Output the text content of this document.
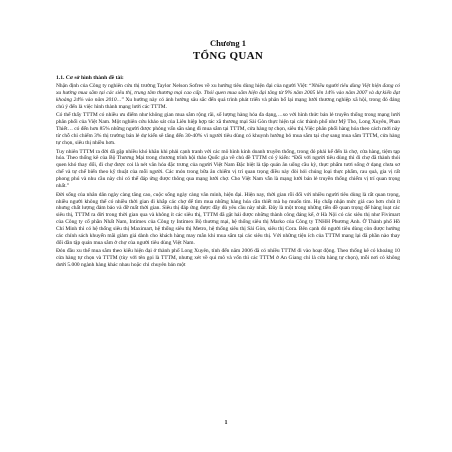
Chương 1
TỔNG QUAN
1.1. Cơ sở hình thành đề tài:

Nhận định của Công ty nghiên cứu thị trường Taylor Nelson Sofres về xu hướng tiêu dùng hiện đại của người Việt: “Nhiều người tiêu dùng Việt hiện đang có xu hướng mua sắm tại các siêu thị, trung tâm thương mại cao cấp. Thói quen mua sắm hiện đại tăng từ 9% năm 2005 lên 14% vào năm 2007 và dự kiến đạt khoảng 24% vào năm 2010…” Xu hướng này có ảnh hưởng sâu sắc đến quá trình phát triển và phân bố lại mạng lưới thương nghiệp xã hội, trong đó đáng chú ý đến là việc hình thành mạng lưới các TTTM.

Có thể thấy TTTM có nhiều ưu điểm như không gian mua sắm rộng rãi, số lượng hàng hóa đa dạng,…so với hình thức bán lẻ truyền thống trong mạng lưới phân phối của Việt Nam. Một nghiên cứu khảo sát của Liên hiệp hợp tác xã thương mại Sài Gòn thực hiện tại các thành phố như Mỹ Tho, Long Xuyên, Phan Thiết… có đến hơn 85% những người được phỏng vấn sẵn sàng đi mua sắm tại TTTM, cửa hàng tự chọn, siêu thị.Việc phân phối hàng hóa theo cách mới này từ chỗ chỉ chiếm 3% thị trường bán lẻ dự kiến sẽ tăng đến 30-40% vì người tiêu dùng có khuynh hướng bỏ mua sắm tại chợ sang mua sắm TTTM, cửa hàng tự chọn, siêu thị nhiều hơn.

Tuy nhiên TTTM ra đời đã gặp nhiều khó khăn khi phải cạnh tranh với các mô hình kinh doanh truyền thống, trong đó phải kể đến là chợ, cửa hàng, tiệm tạp hóa. Theo thống kê của Bộ Thương Mại trong chương trình hội thảo Quốc gia về chủ đề TTTM có ý kiến: “Đối với người tiêu dùng thì đi chợ đã thành thói quen khó thay đổi, đi chợ được coi là nét văn hóa đặc trưng của người Việt Nam Đặc biệt là tập quán ăn uống cầu kỳ, thực phẩm tươi sống ở dạng chưa sơ chế và tự chế biến theo kỹ thuật của mỗi người. Các món trong bữa ăn chiếm vị trí quan trọng điều này đòi hỏi chúng loại thực phẩm, rau quả, gia vị rất phong phú và nhu cầu này chỉ có thể đáp ứng được thông qua mạng lưới chợ. Cho Việt Nam vẫn là mạng lưới bán lẻ truyền thống chiếm vị trí quan trọng nhất.”

Đời sống của nhân dân ngày càng tăng cao, cuộc sống ngày càng văn minh, hiện đại. Hiện nay, thời gian rỗi đối với nhiều người tiêu dùng là rất quan trọng, nhiều người không thể có nhiều thời gian đi khắp các chợ để tìm mua những hàng hóa cần thiết mà họ muốn tìm. Họ chấp nhận mức giá cao hơn chút ít nhưng chất lượng đảm bảo và đỡ mất thời gian. Siêu thị đáp ứng được đầy đủ yêu cầu này nhất. Đây là một trong những tiền đề quan trọng để hàng loạt các siêu thị, TTTM ra đời trong thời gian qua và không ít các siêu thị, TTTM đã gặt hái được những thành công đáng kể, ở Hà Nội có các siêu thị như Fivimart của Công ty cổ phần Nhất Nam, Intimex của Công ty Intimex Bộ thương mại, hệ thống siêu thị Marko của Công ty TNHH Phương Anh. Ở Thành phố Hồ Chí Minh thì có hệ thống siêu thị Maximart, hệ thống siêu thị Metro, hệ thống siêu thị Sài Gòn, siêu thị Cora. Bên cạnh đó người tiêu dùng còn được hưởng các chính sách khuyến mãi giảm giá dành cho khách hàng may mắn khi mua sắm tại các siêu thị. Với những tiện ích của TTTM mang lại đã phần nào thay đổi dần tập quán mua sắm ở chợ của người tiêu dùng Việt Nam.

Đón đầu xu thế mua sắm theo kiểu hiện đại ở thành phố Long Xuyên, tính đến năm 2006 đã có nhiều TTTM đi vào hoạt động. Theo thống kê có khoảng 10 cửa hàng tự chọn và TTTM (tùy với tên gọi là TTTM, nhưng xét về qui mô và vốn thì các TTTM ở An Giang chỉ là cửa hàng tự chọn), mỗi nơi có không dưới 5.000 ngành hàng khác nhau hoặc chỉ chuyên bán một

1
